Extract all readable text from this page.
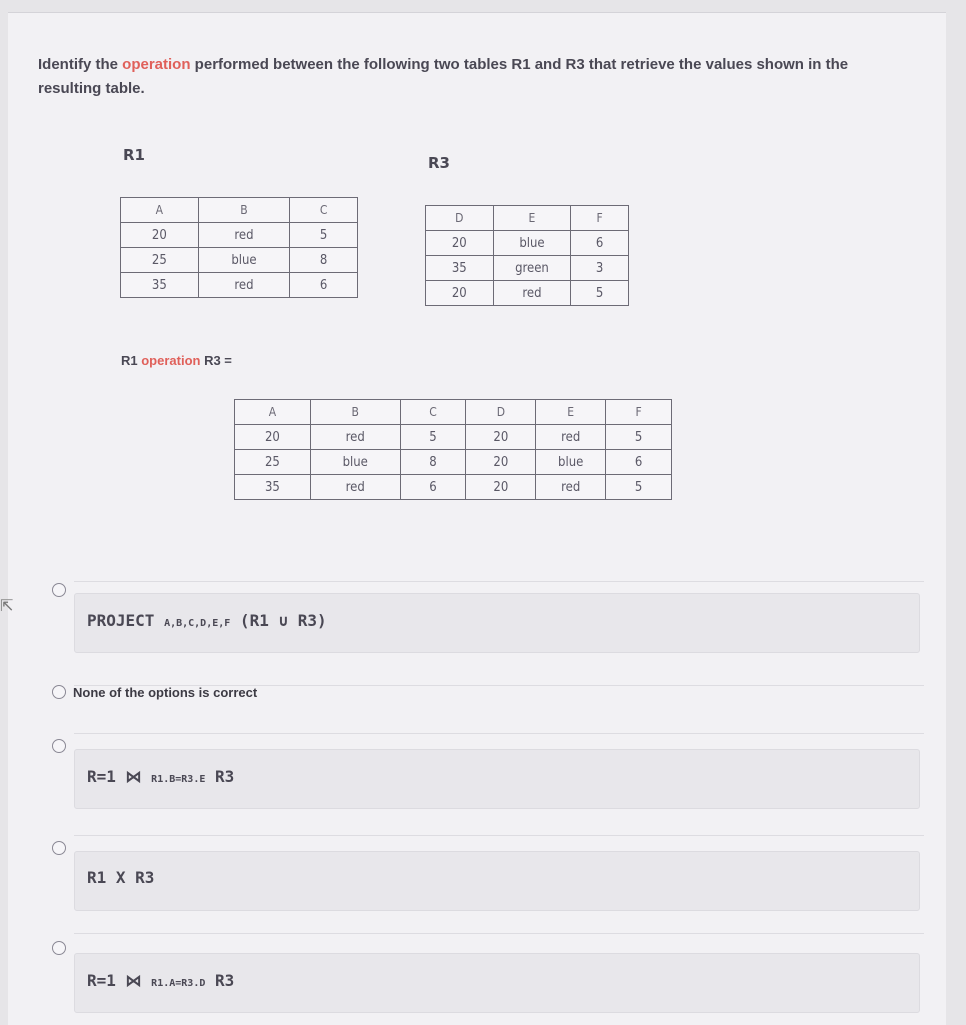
Identify the operation performed between the following two tables R1 and R3 that retrieve the values shown in the resulting table.
R1	R3
A	B	C
20	red	5
25	blue	8
35	red	6
D	E	F
20	blue	6
35	green	3
20	red	5
R1 operation R3 =
A	B	C	D	E	F
20	red	5	20	red	5
25	blue	8	20	blue	6
35	red	6	20	red	5
PROJECT A,B,C,D,E,F (R1 ∪ R3)
None of the options is correct
R=1 ⋈ R1.B=R3.E R3
R1 X R3
R=1 ⋈ R1.A=R3.D R3
⇱
